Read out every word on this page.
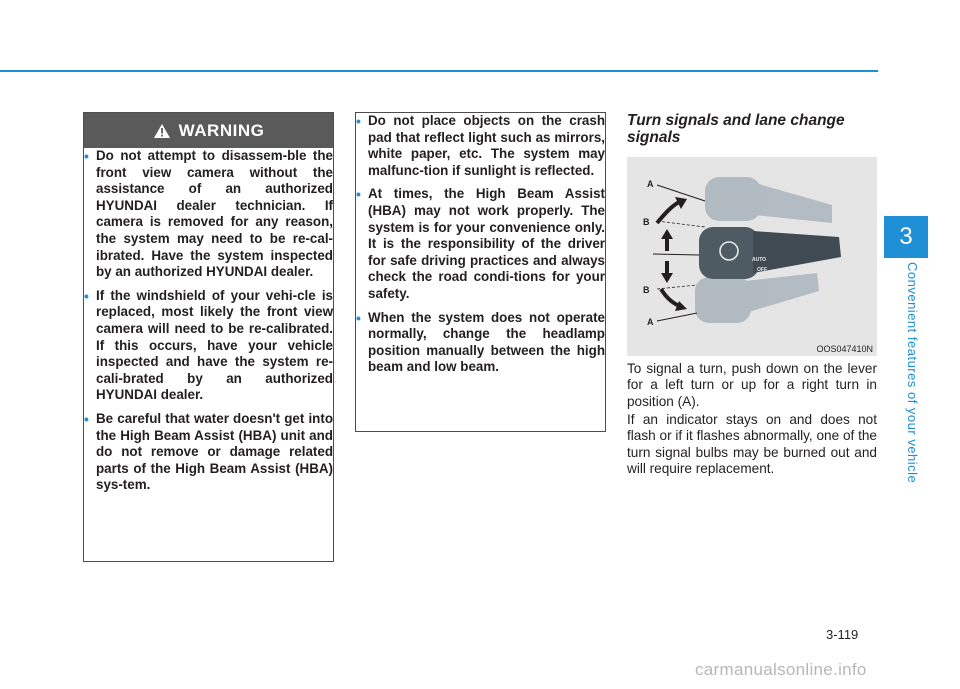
3
Convenient features of your vehicle
WARNING
• Do not attempt to disassem-ble the front view camera without the assistance of an authorized HYUNDAI dealer technician. If camera is removed for any reason, the system may need to be re-cal-ibrated. Have the system inspected by an authorized HYUNDAI dealer.
• If the windshield of your vehi-cle is replaced, most likely the front view camera will need to be re-calibrated. If this occurs, have your vehicle inspected and have the system re-cali-brated by an authorized HYUNDAI dealer.
• Be careful that water doesn't get into the High Beam Assist (HBA) unit and do not remove or damage related parts of the High Beam Assist (HBA) sys-tem.
• Do not place objects on the crash pad that reflect light such as mirrors, white paper, etc. The system may malfunc-tion if sunlight is reflected.
• At times, the High Beam Assist (HBA) may not work properly. The system is for your convenience only. It is the responsibility of the driver for safe driving practices and always check the road condi-tions for your safety.
• When the system does not operate normally, change the headlamp position manually between the high beam and low beam.
Turn signals and lane change signals
AUTO
OFF
A
B
B
A
OOS047410N

To signal a turn, push down on the lever for a left turn or up for a right turn in position (A).

If an indicator stays on and does not flash or if it flashes abnormally, one of the turn signal bulbs may be burned out and will require replacement.

3-119
carmanualsonline.info
